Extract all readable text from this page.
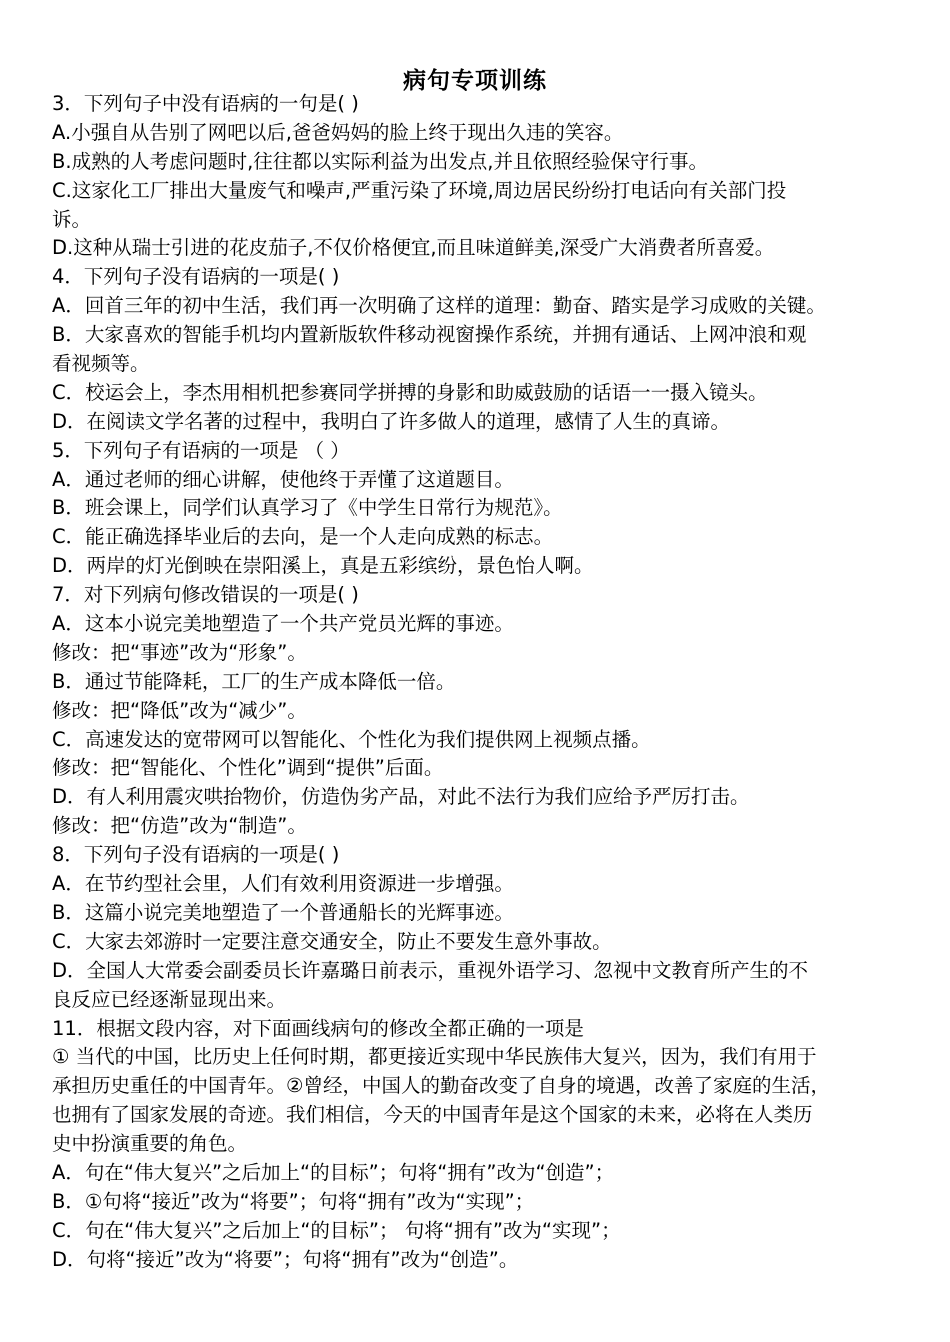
病句专项训练
3．下列句子中没有语病的一句是( )
A.小强自从告别了网吧以后,爸爸妈妈的脸上终于现出久违的笑容。
B.成熟的人考虑问题时,往往都以实际利益为出发点,并且依照经验保守行事。
C.这家化工厂排出大量废气和噪声,严重污染了环境,周边居民纷纷打电话向有关部门投
诉。
D.这种从瑞士引进的花皮茄子,不仅价格便宜,而且味道鲜美,深受广大消费者所喜爱。
4．下列句子没有语病的一项是( )
A．回首三年的初中生活，我们再一次明确了这样的道理：勤奋、踏实是学习成败的关键。
B．大家喜欢的智能手机均内置新版软件移动视窗操作系统，并拥有通话、上网冲浪和观
看视频等。
C．校运会上，李杰用相机把参赛同学拼搏的身影和助威鼓励的话语一一摄入镜头。
D．在阅读文学名著的过程中，我明白了许多做人的道理，感情了人生的真谛。
5．下列句子有语病的一项是 （ ）
A．通过老师的细心讲解，使他终于弄懂了这道题目。
B．班会课上，同学们认真学习了《中学生日常行为规范》。
C．能正确选择毕业后的去向，是一个人走向成熟的标志。
D．两岸的灯光倒映在崇阳溪上，真是五彩缤纷，景色怡人啊。
7．对下列病句修改错误的一项是( )
A．这本小说完美地塑造了一个共产党员光辉的事迹。
修改：把“事迹”改为“形象”。
B．通过节能降耗，工厂的生产成本降低一倍。
修改：把“降低”改为“减少”。
C．高速发达的宽带网可以智能化、个性化为我们提供网上视频点播。
修改：把“智能化、个性化”调到“提供”后面。
D．有人利用震灾哄抬物价，仿造伪劣产品，对此不法行为我们应给予严厉打击。
修改：把“仿造”改为“制造”。
8．下列句子没有语病的一项是( )
A．在节约型社会里，人们有效利用资源进一步增强。
B．这篇小说完美地塑造了一个普通船长的光辉事迹。
C．大家去郊游时一定要注意交通安全，防止不要发生意外事故。
D．全国人大常委会副委员长许嘉璐日前表示，重视外语学习、忽视中文教育所产生的不
良反应已经逐渐显现出来。
11．根据文段内容，对下面画线病句的修改全都正确的一项是
① 当代的中国，比历史上任何时期，都更接近实现中华民族伟大复兴，因为，我们有用于
承担历史重任的中国青年。②曾经，中国人的勤奋改变了自身的境遇，改善了家庭的生活，
也拥有了国家发展的奇迹。我们相信，今天的中国青年是这个国家的未来，必将在人类历
史中扮演重要的角色。
A．句在“伟大复兴”之后加上“的目标”；句将“拥有”改为“创造”；
B．①句将“接近”改为“将要”；句将“拥有”改为“实现”；
C．句在“伟大复兴”之后加上“的目标”； 句将“拥有”改为“实现”；
D．句将“接近”改为“将要”；句将“拥有”改为“创造”。
